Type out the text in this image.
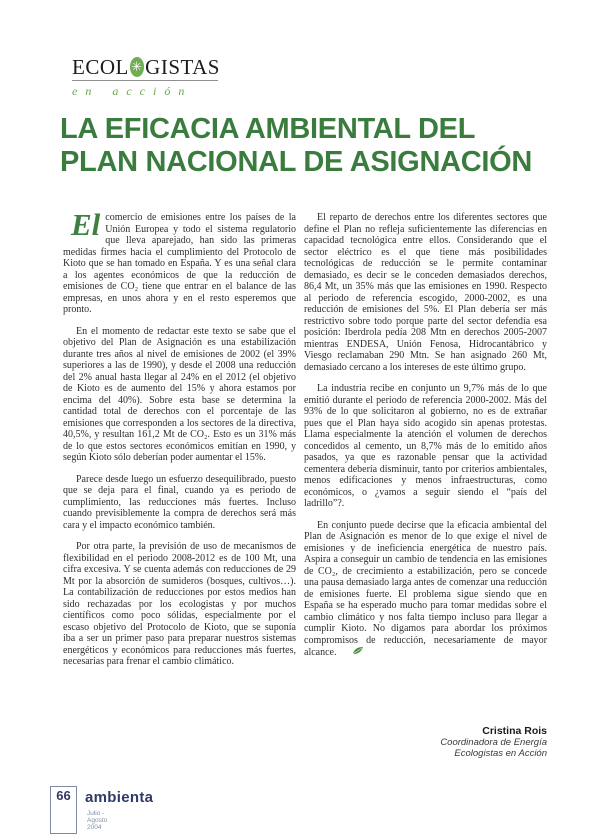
ECOL ✳ GISTAS
en acción
LA EFICACIA AMBIENTAL DEL
PLAN NACIONAL DE ASIGNACIÓN

El comercio de emisiones entre los países de la Unión Europea y todo el sistema regulatorio que lleva aparejado, han sido las primeras medidas firmes hacia el cumplimiento del Protocolo de Kioto que se han tomado en España. Y es una señal clara a los agentes económicos de que la reducción de emisiones de CO₂ tiene que entrar en el balance de las empresas, en unos ahora y en el resto esperemos que pronto.

En el momento de redactar este texto se sabe que el objetivo del Plan de Asignación es una estabilización durante tres años al nivel de emisiones de 2002 (el 39% superiores a las de 1990), y desde el 2008 una reducción del 2% anual hasta llegar al 24% en el 2012 (el objetivo de Kioto es de aumento del 15% y ahora estamos por encima del 40%). Sobre esta base se determina la cantidad total de derechos con el porcentaje de las emisiones que corresponden a los sectores de la directiva, 40,5%, y resultan 161,2 Mt de CO₂. Esto es un 31% más de lo que estos sectores económicos emitían en 1990, y según Kioto sólo deberían poder aumentar el 15%.

Parece desde luego un esfuerzo desequilibrado, puesto que se deja para el final, cuando ya es periodo de cumplimiento, las reducciones más fuertes. Incluso cuando previsiblemente la compra de derechos será más cara y el impacto económico también.

Por otra parte, la previsión de uso de mecanismos de flexibilidad en el periodo 2008-2012 es de 100 Mt, una cifra excesiva. Y se cuenta además con reducciones de 29 Mt por la absorción de sumideros (bosques, cultivos…). La contabilización de reducciones por estos medios han sido rechazadas por los ecologistas y por muchos científicos como poco sólidas, especialmente por el escaso objetivo del Protocolo de Kioto, que se suponía iba a ser un primer paso para preparar nuestros sistemas energéticos y económicos para reducciones más fuertes, necesarias para frenar el cambio climático.

El reparto de derechos entre los diferentes sectores que define el Plan no refleja suficientemente las diferencias en capacidad tecnológica entre ellos. Considerando que el sector eléctrico es el que tiene más posibilidades tecnológicas de reducción se le permite contaminar demasiado, es decir se le conceden demasiados derechos, 86,4 Mt, un 35% más que las emisiones en 1990. Respecto al periodo de referencia escogido, 2000-2002, es una reducción de emisiones del 5%. El Plan debería ser más restrictivo sobre todo porque parte del sector defendía esa posición: Iberdrola pedía 208 Mtn en derechos 2005-2007 mientras ENDESA, Unión Fenosa, Hidrocantábrico y Viesgo reclamaban 290 Mtn. Se han asignado 260 Mt, demasiado cercano a los intereses de este último grupo.

La industria recibe en conjunto un 9,7% más de lo que emitió durante el periodo de referencia 2000-2002. Más del 93% de lo que solicitaron al gobierno, no es de extrañar pues que el Plan haya sido acogido sin apenas protestas. Llama especialmente la atención el volumen de derechos concedidos al cemento, un 8,7% más de lo emitido años pasados, ya que es razonable pensar que la actividad cementera debería disminuir, tanto por criterios ambientales, menos edificaciones y menos infraestructuras, como económicos, o ¿vamos a seguir siendo el “país del ladrillo”?.

En conjunto puede decirse que la eficacia ambiental del Plan de Asignación es menor de lo que exige el nivel de emisiones y de ineficiencia energética de nuestro país. Aspira a conseguir un cambio de tendencia en las emisiones de CO₂, de crecimiento a estabilización, pero se concede una pausa demasiado larga antes de comenzar una reducción de emisiones fuerte. El problema sigue siendo que en España se ha esperado mucho para tomar medidas sobre el cambio climático y nos falta tiempo incluso para llegar a cumplir Kioto. No digamos para abordar los próximos compromisos de reducción, necesariamente de mayor alcance.

Cristina Rois
Coordinadora de Energía
Ecologistas en Acción
66 ambienta
Julio - Agosto 2004
